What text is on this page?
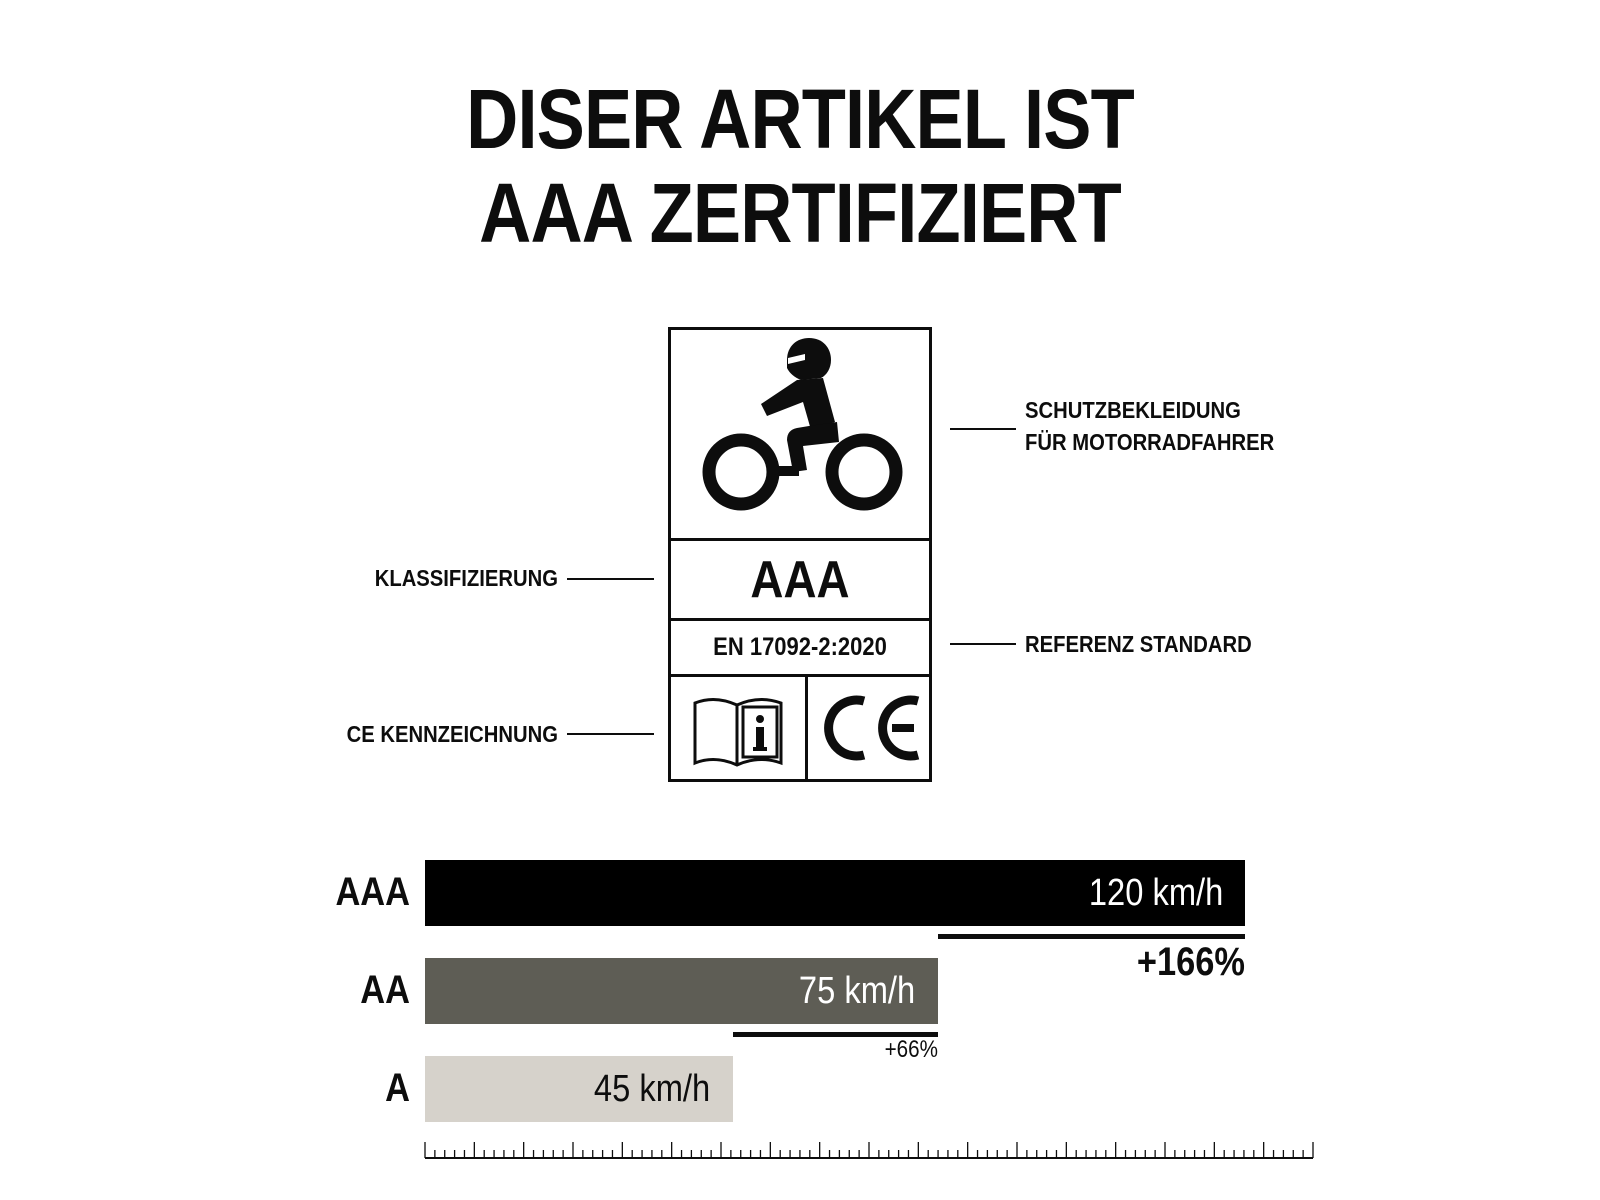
DISER ARTIKEL IST
AAA ZERTIFIZIERT
AAA
EN 17092-2:2020
SCHUTZBEKLEIDUNG
FÜR MOTORRADFAHRER
KLASSIFIZIERUNG
REFERENZ STANDARD
CE KENNZEICHNUNG
AAA	120 km/h
AA	75 km/h
A	45 km/h
+166%
+66%
